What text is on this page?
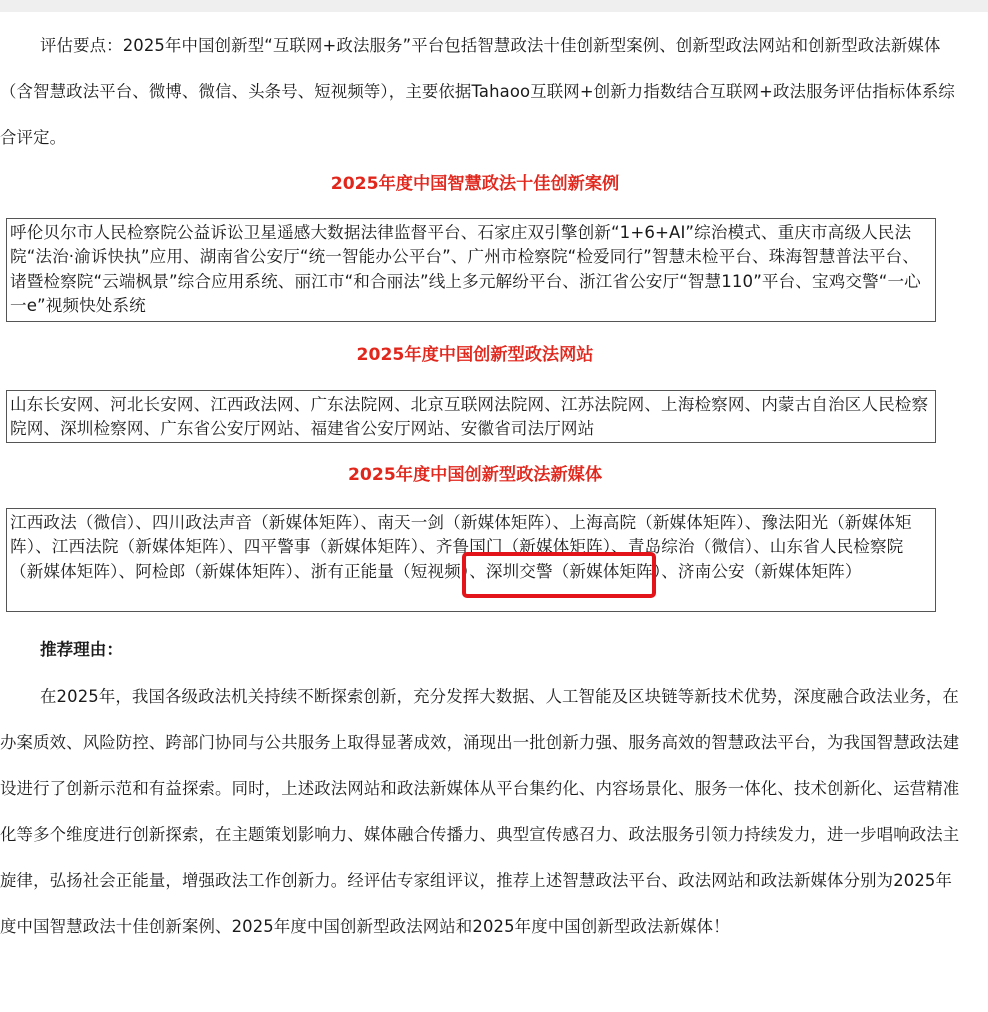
评估要点：2025年中国创新型“互联网+政法服务”平台包括智慧政法十佳创新型案例、创新型政法网站和创新型政法新媒体（含智慧政法平台、微博、微信、头条号、短视频等），主要依据Tahaoo互联网+创新力指数结合互联网+政法服务评估指标体系综合评定。
2025年度中国智慧政法十佳创新案例
呼伦贝尔市人民检察院公益诉讼卫星遥感大数据法律监督平台、石家庄双引擎创新“1+6+AI”综治模式、重庆市高级人民法院“法治·渝诉快执”应用、湖南省公安厅“统一智能办公平台”、广州市检察院“检爱同行”智慧未检平台、珠海智慧普法平台、诸暨检察院“云端枫景”综合应用系统、丽江市“和合丽法”线上多元解纷平台、浙江省公安厅“智慧110”平台、宝鸡交警“一心一e”视频快处系统
2025年度中国创新型政法网站
山东长安网、河北长安网、江西政法网、广东法院网、北京互联网法院网、江苏法院网、上海检察网、内蒙古自治区人民检察院网、深圳检察网、广东省公安厅网站、福建省公安厅网站、安徽省司法厅网站
2025年度中国创新型政法新媒体
江西政法（微信）、四川政法声音（新媒体矩阵）、南天一剑（新媒体矩阵）、上海高院（新媒体矩阵）、豫法阳光（新媒体矩阵）、江西法院（新媒体矩阵）、四平警事（新媒体矩阵）、齐鲁国门（新媒体矩阵）、青岛综治（微信）、山东省人民检察院（新媒体矩阵）、阿检郎（新媒体矩阵）、浙有正能量（短视频）、深圳交警（新媒体矩阵）、济南公安（新媒体矩阵）
推荐理由：
在2025年，我国各级政法机关持续不断探索创新，充分发挥大数据、人工智能及区块链等新技术优势，深度融合政法业务，在办案质效、风险防控、跨部门协同与公共服务上取得显著成效，涌现出一批创新力强、服务高效的智慧政法平台，为我国智慧政法建设进行了创新示范和有益探索。同时，上述政法网站和政法新媒体从平台集约化、内容场景化、服务一体化、技术创新化、运营精准化等多个维度进行创新探索，在主题策划影响力、媒体融合传播力、典型宣传感召力、政法服务引领力持续发力，进一步唱响政法主旋律，弘扬社会正能量，增强政法工作创新力。经评估专家组评议，推荐上述智慧政法平台、政法网站和政法新媒体分别为2025年度中国智慧政法十佳创新案例、2025年度中国创新型政法网站和2025年度中国创新型政法新媒体！
